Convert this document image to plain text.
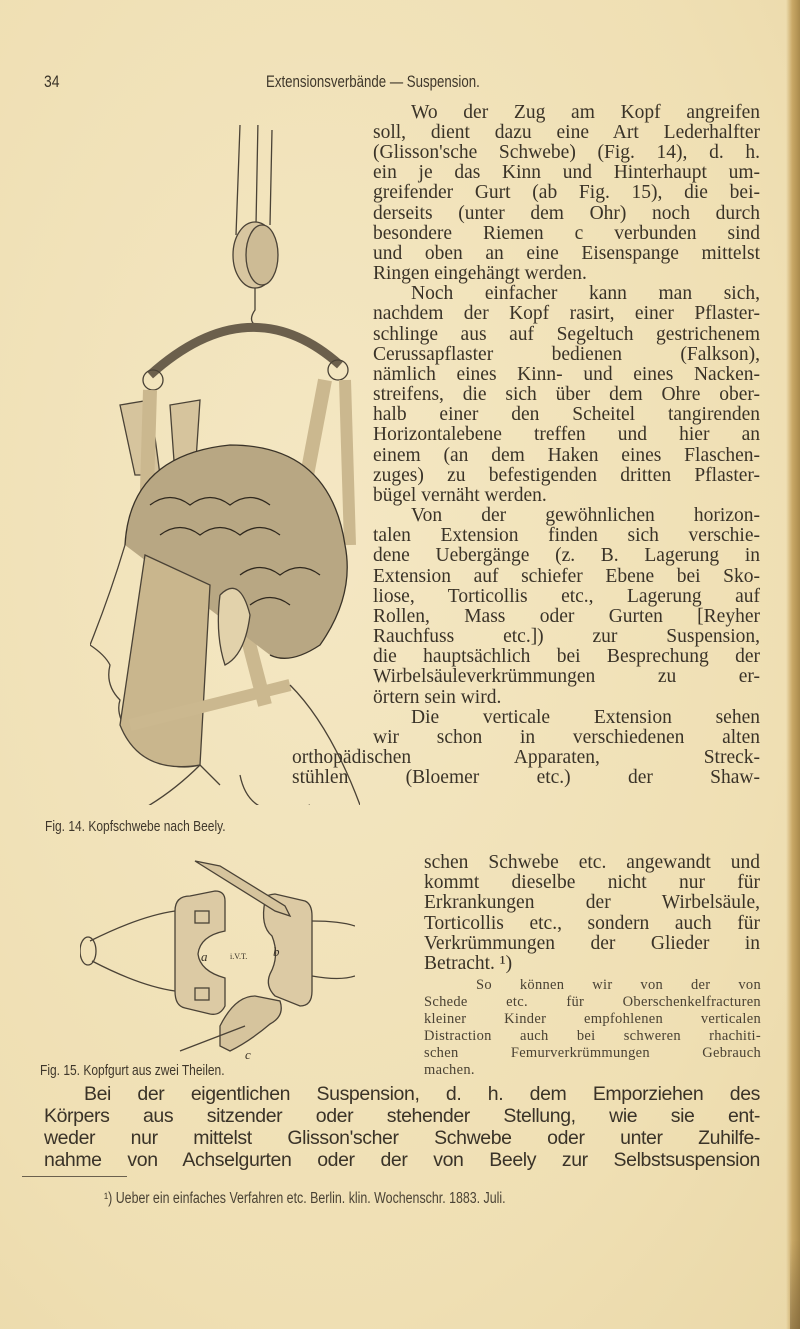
34	Extensionsverbände — Suspension.
Fig. 14. Kopfschwebe nach Beely.
a	i.V.T. b
c
Fig. 15. Kopfgurt aus zwei Theilen.
Wo der Zug am Kopf angreifen
soll, dient dazu eine Art Lederhalfter
(Glisson'sche Schwebe) (Fig. 14), d. h.
ein je das Kinn und Hinterhaupt um-
greifender Gurt (ab Fig. 15), die bei-
derseits (unter dem Ohr) noch durch
besondere Riemen c verbunden sind
und oben an eine Eisenspange mittelst
Ringen eingehängt werden.
Noch einfacher kann man sich,
nachdem der Kopf rasirt, einer Pflaster-
schlinge aus auf Segeltuch gestrichenem
Cerussapflaster bedienen (Falkson),
nämlich eines Kinn- und eines Nacken-
streifens, die sich über dem Ohre ober-
halb einer den Scheitel tangirenden
Horizontalebene treffen und hier an
einem (an dem Haken eines Flaschen-
zuges) zu befestigenden dritten Pflaster-
bügel vernäht werden.
Von der gewöhnlichen horizon-
talen Extension finden sich verschie-
dene Uebergänge (z. B. Lagerung in
Extension auf schiefer Ebene bei Sko-
liose, Torticollis etc., Lagerung auf
Rollen, Mass oder Gurten [Reyher
Rauchfuss etc.]) zur Suspension,
die hauptsächlich bei Besprechung der
Wirbelsäuleverkrümmungen zu er-
örtern sein wird.
Die verticale Extension sehen
wir schon in verschiedenen alten
orthopädischen Apparaten, Streck-
stühlen (Bloemer etc.) der Shaw-
schen Schwebe etc. angewandt und
kommt dieselbe nicht nur für
Erkrankungen der Wirbelsäule,
Torticollis etc., sondern auch für
Verkrümmungen der Glieder in
Betracht. ¹)
So können wir von der von
Schede etc. für Oberschenkelfracturen
kleiner Kinder empfohlenen verticalen
Distraction auch bei schweren rhachiti-
schen Femurverkrümmungen Gebrauch
machen.
Bei der eigentlichen Suspension, d. h. dem Emporziehen des
Körpers aus sitzender oder stehender Stellung, wie sie ent-
weder nur mittelst Glisson'scher Schwebe oder unter Zuhilfe-
nahme von Achselgurten oder der von Beely zur Selbstsuspension
¹) Ueber ein einfaches Verfahren etc. Berlin. klin. Wochenschr. 1883. Juli.
